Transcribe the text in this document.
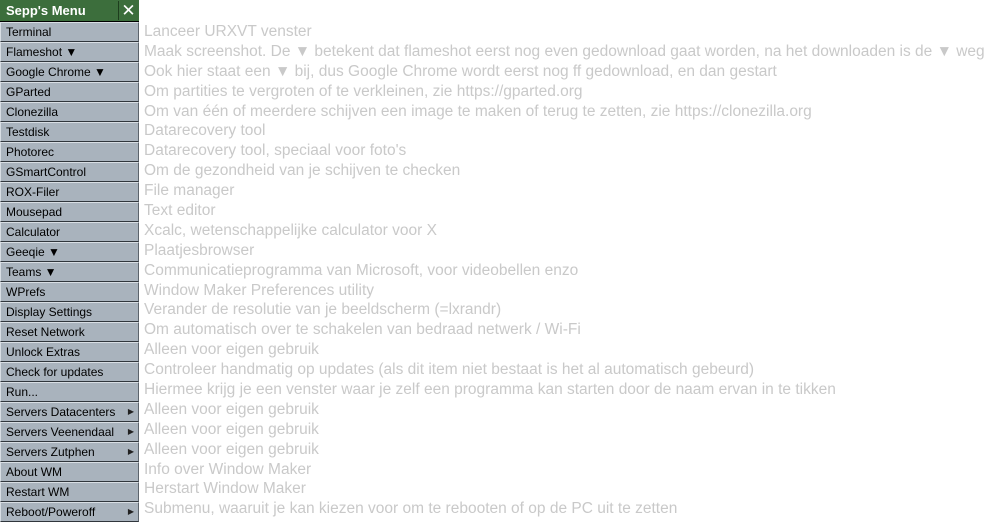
Sepp's Menu ✕
Terminal
Flameshot ▼
Google Chrome ▼
GParted
Clonezilla
Testdisk
Photorec
GSmartControl
ROX-Filer
Mousepad
Calculator
Geeqie ▼
Teams ▼
WPrefs
Display Settings
Reset Network
Unlock Extras
Check for updates
Run...
Servers Datacenters ▶
Servers Veenendaal ▶
Servers Zutphen	▶
About WM
Restart WM
Reboot/Poweroff	▶
Lanceer URXVT venster
Maak screenshot. De ▼ betekent dat flameshot eerst nog even gedownload gaat worden, na het downloaden is de ▼ weg
Ook hier staat een ▼ bij, dus Google Chrome wordt eerst nog ff gedownload, en dan gestart
Om partities te vergroten of te verkleinen, zie https://gparted.org
Om van één of meerdere schijven een image te maken of terug te zetten, zie https://clonezilla.org
Datarecovery tool
Datarecovery tool, speciaal voor foto's
Om de gezondheid van je schijven te checken
File manager
Text editor
Xcalc, wetenschappelijke calculator voor X
Plaatjesbrowser
Communicatieprogramma van Microsoft, voor videobellen enzo
Window Maker Preferences utility
Verander de resolutie van je beeldscherm (=lxrandr)
Om automatisch over te schakelen van bedraad netwerk / Wi-Fi
Alleen voor eigen gebruik
Controleer handmatig op updates (als dit item niet bestaat is het al automatisch gebeurd)
Hiermee krijg je een venster waar je zelf een programma kan starten door de naam ervan in te tikken
Alleen voor eigen gebruik
Alleen voor eigen gebruik
Alleen voor eigen gebruik
Info over Window Maker
Herstart Window Maker
Submenu, waaruit je kan kiezen voor om te rebooten of op de PC uit te zetten
